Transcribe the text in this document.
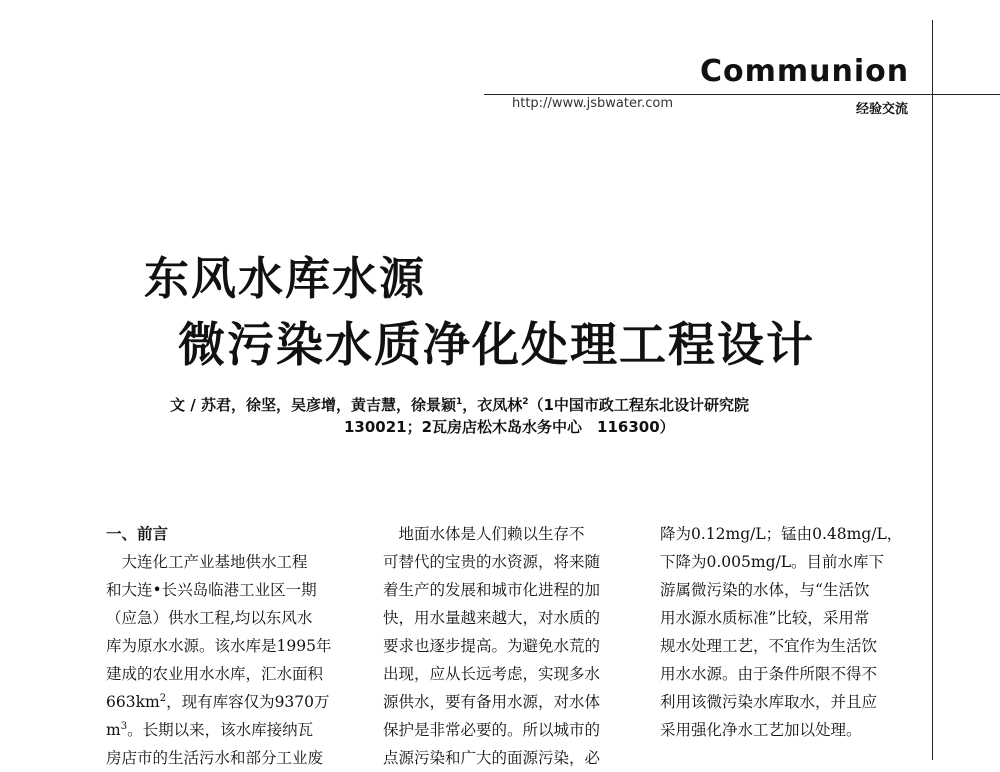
Communion
http://www.jsbwater.com	经验交流
东风水库水源
微污染水质净化处理工程设计
文 / 苏君，徐坚，吴彦增，黄吉慧，徐景颖$^1$，衣凤林$^2$（1中国市政工程东北设计研究院
130021；2瓦房店松木岛水务中心　116300）

一、前言

　大连化工产业基地供水工程

和大连•长兴岛临港工业区一期

（应急）供水工程,均以东风水

库为原水水源。该水库是1995年

建成的农业用水水库，汇水面积

$663km^2$，现有库容仅为9370万

$m^3$。长期以来，该水库接纳瓦

房店市的生活污水和部分工业废

　地面水体是人们赖以生存不

可替代的宝贵的水资源，将来随

着生产的发展和城市化进程的加

快，用水量越来越大，对水质的

要求也逐步提高。为避免水荒的

出现，应从长远考虑，实现多水

源供水，要有备用水源，对水体

保护是非常必要的。所以城市的

点源污染和广大的面源污染，必

降为0.12mg/L；锰由0.48mg/L，

下降为0.005mg/L。目前水库下

游属微污染的水体，与“生活饮

用水源水质标准”比较，采用常

规水处理工艺，不宜作为生活饮

用水水源。由于条件所限不得不

利用该微污染水库取水，并且应

采用强化净水工艺加以处理。
